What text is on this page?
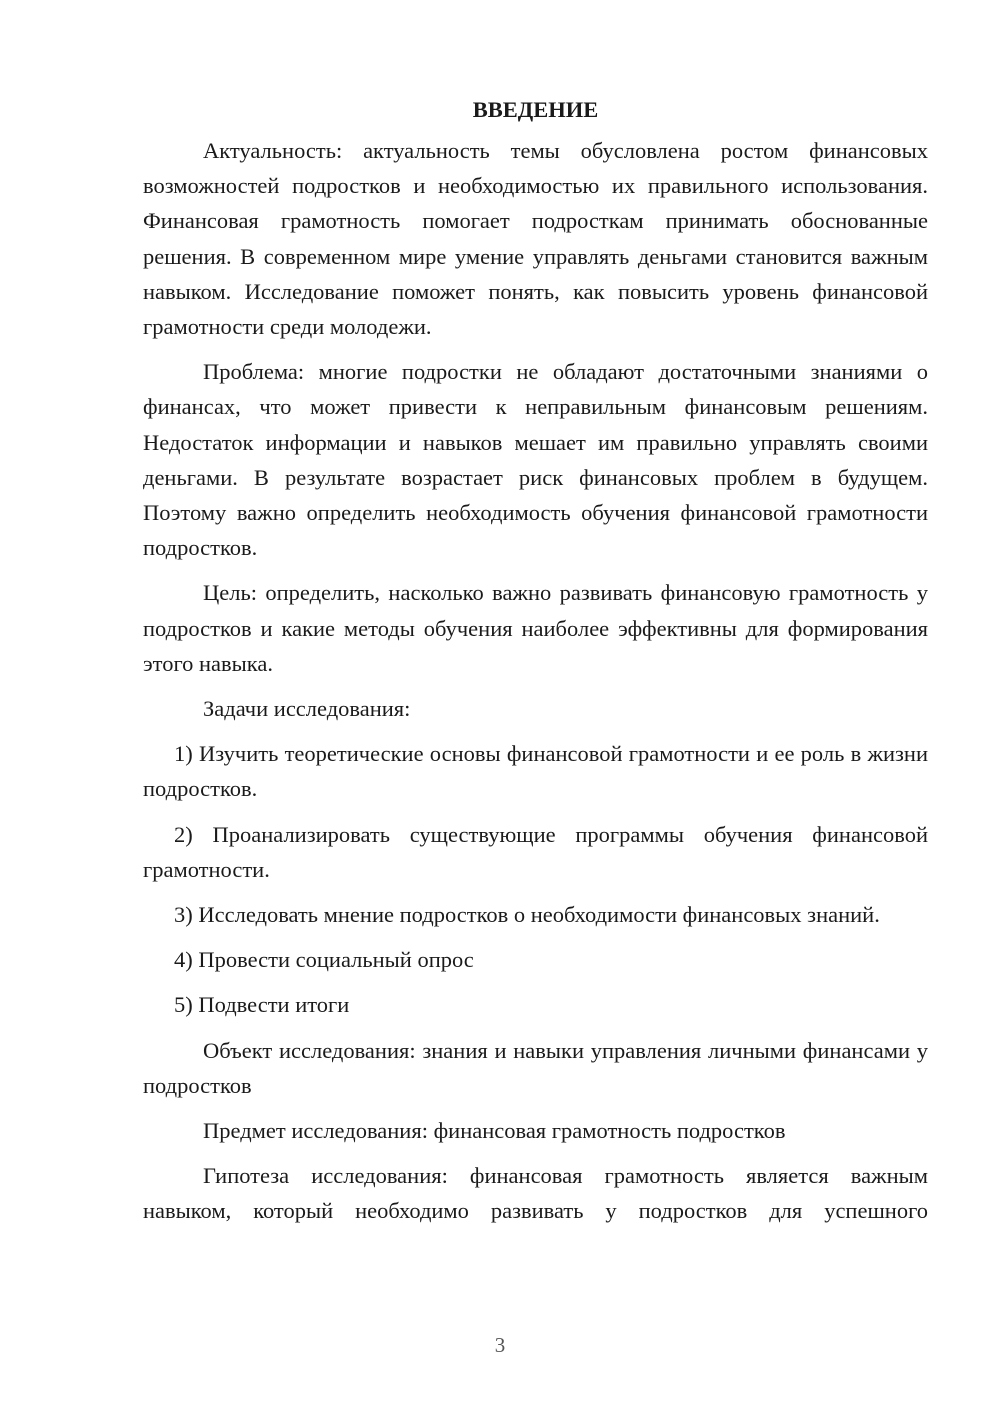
ВВЕДЕНИЕ

Актуальность: актуальность темы обусловлена ростом финансовых возможностей подростков и необходимостью их правильного использования. Финансовая грамотность помогает подросткам принимать обоснованные решения. В современном мире умение управлять деньгами становится важным навыком. Исследование поможет понять, как повысить уровень финансовой грамотности среди молодежи.

Проблема: многие подростки не обладают достаточными знаниями о финансах, что может привести к неправильным финансовым решениям. Недостаток информации и навыков мешает им правильно управлять своими деньгами. В результате возрастает риск финансовых проблем в будущем. Поэтому важно определить необходимость обучения финансовой грамотности подростков.

Цель: определить, насколько важно развивать финансовую грамотность у подростков и какие методы обучения наиболее эффективны для формирования этого навыка.

Задачи исследования:

1) Изучить теоретические основы финансовой грамотности и ее роль в жизни подростков.

2) Проанализировать существующие программы обучения финансовой грамотности.

3) Исследовать мнение подростков о необходимости финансовых знаний.

4) Провести социальный опрос

5) Подвести итоги

Объект исследования: знания и навыки управления личными финансами у подростков

Предмет исследования: финансовая грамотность подростков

Гипотеза исследования: финансовая грамотность является важным навыком, который необходимо развивать у подростков для успешного

3
